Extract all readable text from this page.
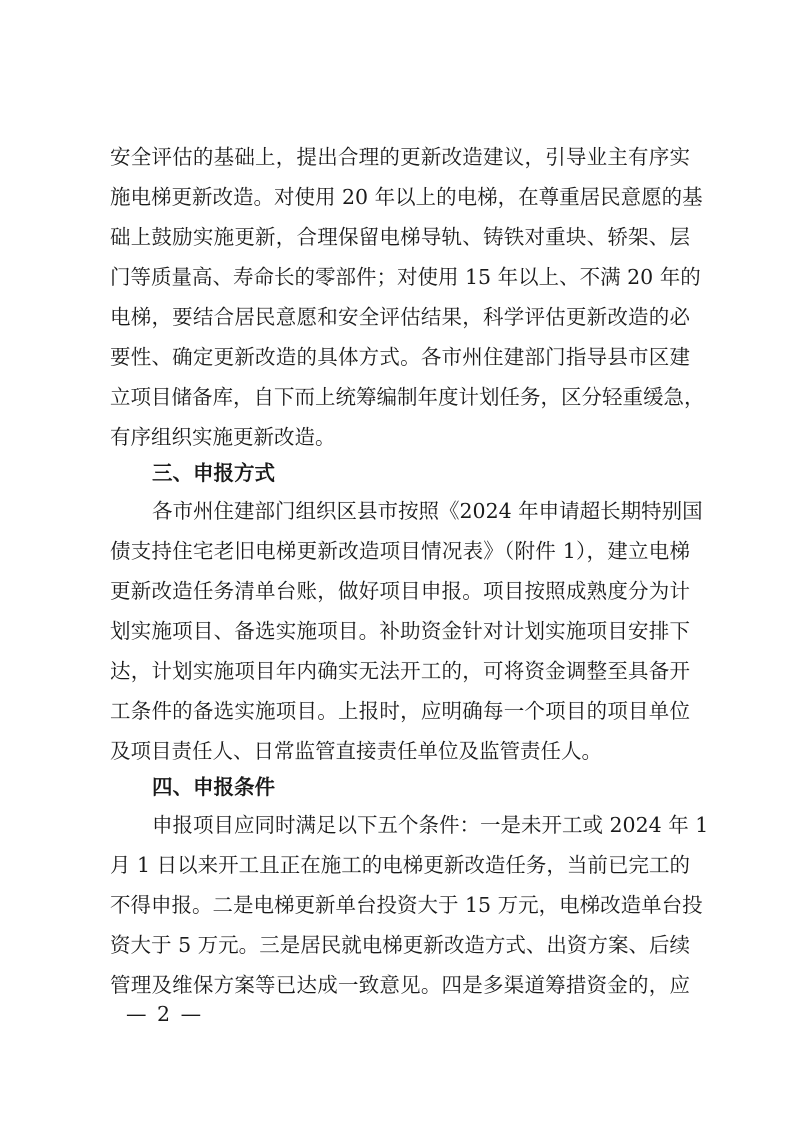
安全评估的基础上，提出合理的更新改造建议，引导业主有序实
施电梯更新改造。对使用 20 年以上的电梯，在尊重居民意愿的基
础上鼓励实施更新，合理保留电梯导轨、铸铁对重块、轿架、层
门等质量高、寿命长的零部件；对使用 15 年以上、不满 20 年的
电梯，要结合居民意愿和安全评估结果，科学评估更新改造的必
要性、确定更新改造的具体方式。各市州住建部门指导县市区建
立项目储备库，自下而上统筹编制年度计划任务，区分轻重缓急，
有序组织实施更新改造。
三、申报方式
各市州住建部门组织区县市按照《2024 年申请超长期特别国
债支持住宅老旧电梯更新改造项目情况表》（附件 1），建立电梯
更新改造任务清单台账，做好项目申报。项目按照成熟度分为计
划实施项目、备选实施项目。补助资金针对计划实施项目安排下
达，计划实施项目年内确实无法开工的，可将资金调整至具备开
工条件的备选实施项目。上报时，应明确每一个项目的项目单位
及项目责任人、日常监管直接责任单位及监管责任人。
四、申报条件
申报项目应同时满足以下五个条件：一是未开工或 2024 年 1
月 1 日以来开工且正在施工的电梯更新改造任务，当前已完工的
不得申报。二是电梯更新单台投资大于 15 万元，电梯改造单台投
资大于 5 万元。三是居民就电梯更新改造方式、出资方案、后续
管理及维保方案等已达成一致意见。四是多渠道筹措资金的，应
— 2 —
